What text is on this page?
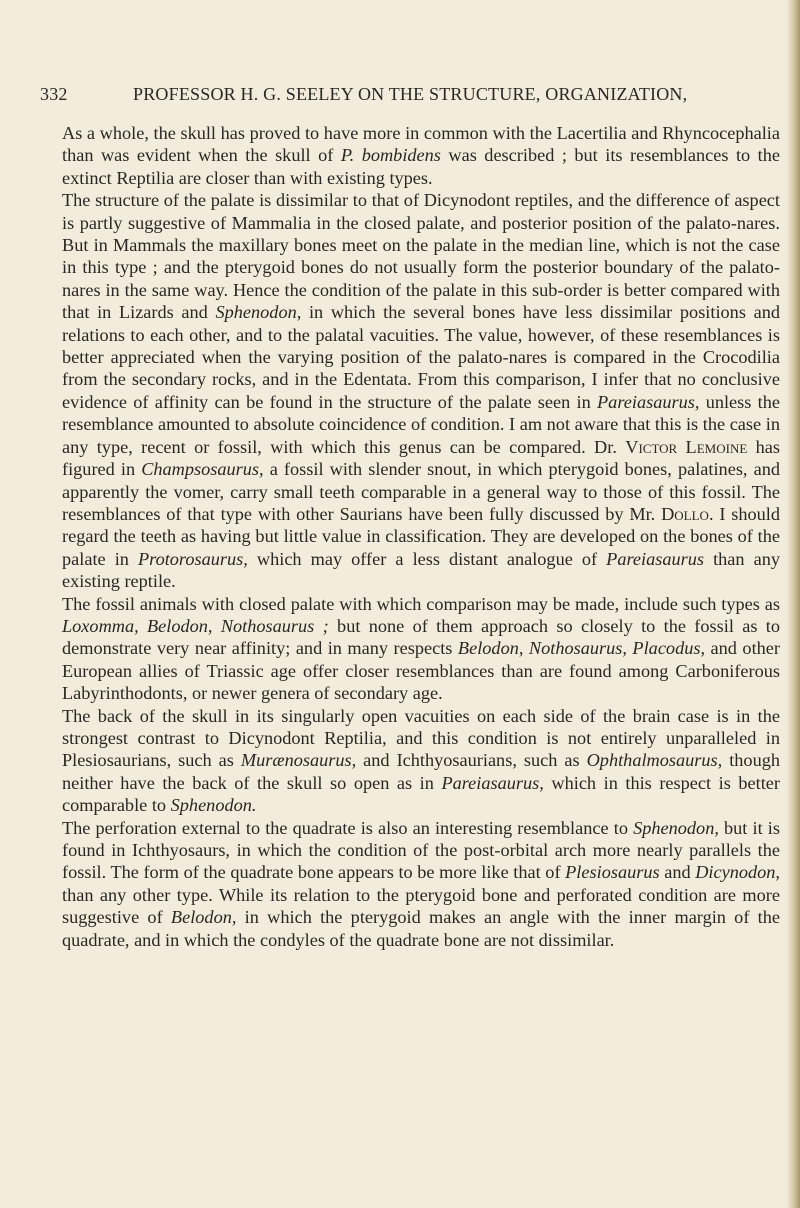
332	PROFESSOR H. G. SEELEY ON THE STRUCTURE, ORGANIZATION,

As a whole, the skull has proved to have more in common with the Lacertilia and Rhyncocephalia than was evident when the skull of P. bombidens was described ; but its resemblances to the extinct Reptilia are closer than with existing types.

The structure of the palate is dissimilar to that of Dicynodont reptiles, and the difference of aspect is partly suggestive of Mammalia in the closed palate, and posterior position of the palato-nares. But in Mammals the maxillary bones meet on the palate in the median line, which is not the case in this type ; and the pterygoid bones do not usually form the posterior boundary of the palato-nares in the same way. Hence the condition of the palate in this sub-order is better compared with that in Lizards and Sphenodon, in which the several bones have less dissimilar positions and relations to each other, and to the palatal vacuities. The value, however, of these resemblances is better appreciated when the varying position of the palato-nares is compared in the Crocodilia from the secondary rocks, and in the Edentata. From this comparison, I infer that no conclusive evidence of affinity can be found in the structure of the palate seen in Pareiasaurus, unless the resemblance amounted to absolute coincidence of condition. I am not aware that this is the case in any type, recent or fossil, with which this genus can be compared. Dr. Victor Lemoine has figured in Champsosaurus, a fossil with slender snout, in which pterygoid bones, palatines, and apparently the vomer, carry small teeth comparable in a general way to those of this fossil. The resemblances of that type with other Saurians have been fully discussed by Mr. Dollo. I should regard the teeth as having but little value in classification. They are developed on the bones of the palate in Protorosaurus, which may offer a less distant analogue of Pareiasaurus than any existing reptile.

The fossil animals with closed palate with which comparison may be made, include such types as Loxomma, Belodon, Nothosaurus ; but none of them approach so closely to the fossil as to demonstrate very near affinity; and in many respects Belodon, Nothosaurus, Placodus, and other European allies of Triassic age offer closer resemblances than are found among Carboniferous Labyrinthodonts, or newer genera of secondary age.

The back of the skull in its singularly open vacuities on each side of the brain case is in the strongest contrast to Dicynodont Reptilia, and this condition is not entirely unparalleled in Plesiosaurians, such as Murænosaurus, and Ichthyosaurians, such as Ophthalmosaurus, though neither have the back of the skull so open as in Pareiasaurus, which in this respect is better comparable to Sphenodon.

The perforation external to the quadrate is also an interesting resemblance to Sphenodon, but it is found in Ichthyosaurs, in which the condition of the post-orbital arch more nearly parallels the fossil. The form of the quadrate bone appears to be more like that of Plesiosaurus and Dicynodon, than any other type. While its relation to the pterygoid bone and perforated condition are more suggestive of Belodon, in which the pterygoid makes an angle with the inner margin of the quadrate, and in which the condyles of the quadrate bone are not dissimilar.
